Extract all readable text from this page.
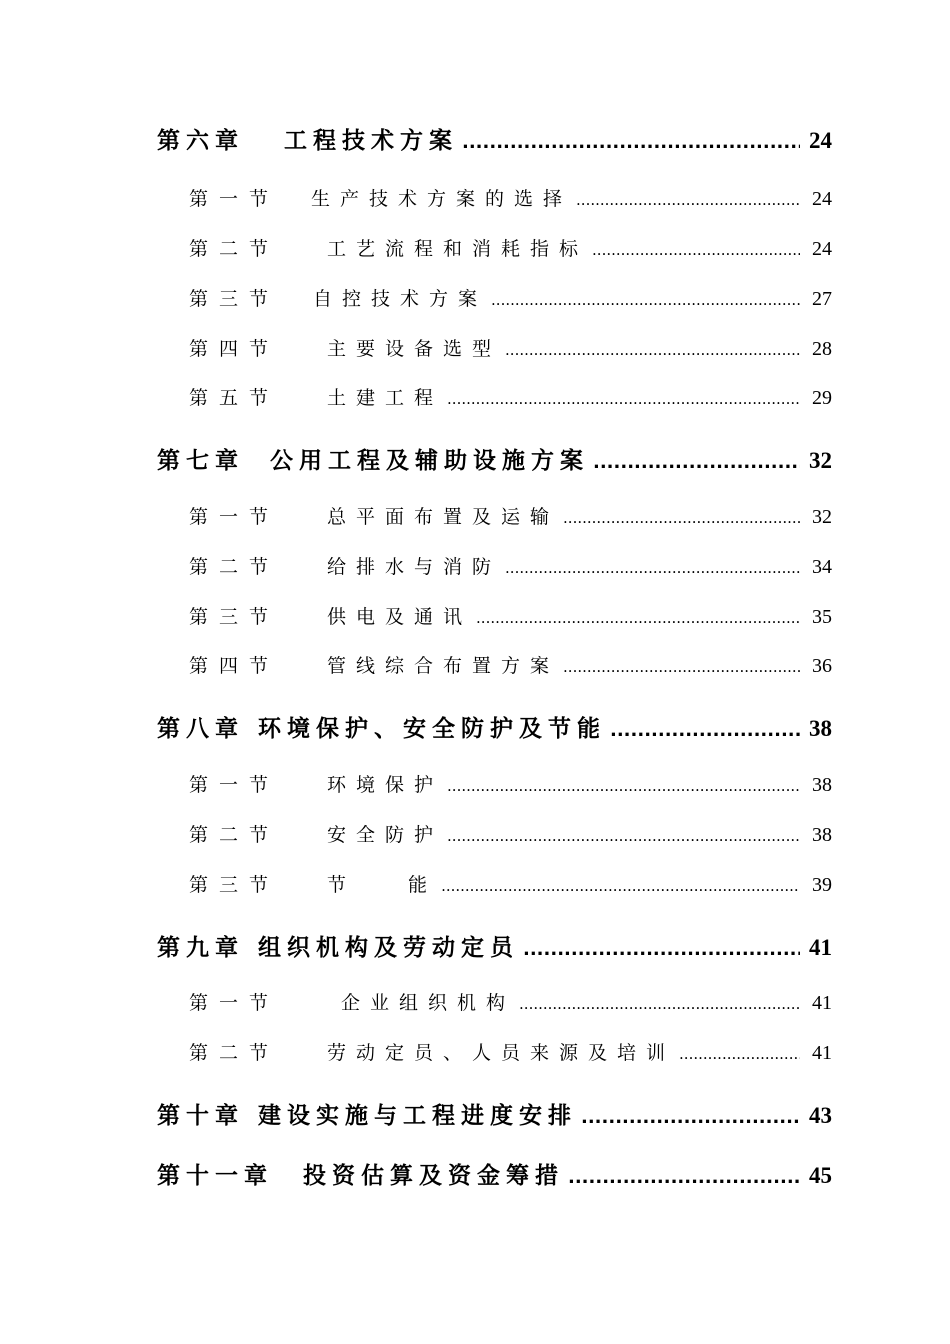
第六章 工程技术方案 .....	24
第一节 生产技术方案的选择 .....	24
第二节	工艺流程和消耗指标 .....	24
第三节 自控技术方案 .....	27
第四节	主要设备选型 .....	28
第五节	土建工程 .....	29
第七章 公用工程及辅助设施方案 .....	32
第一节	总平面布置及运输 .....	32
第二节	给排水与消防 .....	34
第三节	供电及通讯 .....	35
第四节	管线综合布置方案 .....	36
第八章 环境保护、安全防护及节能 .....	38
第一节	环境保护 .....	38
第二节	安全防护 .....	38
第三节	节 能 .....	39
第九章 组织机构及劳动定员 .....	41
第一节	企业组织机构 .....	41
第二节	劳动定员、人员来源及培训 .....	41
第十章 建设实施与工程进度安排 .....	43
第十一章 投资估算及资金筹措 .....	45
